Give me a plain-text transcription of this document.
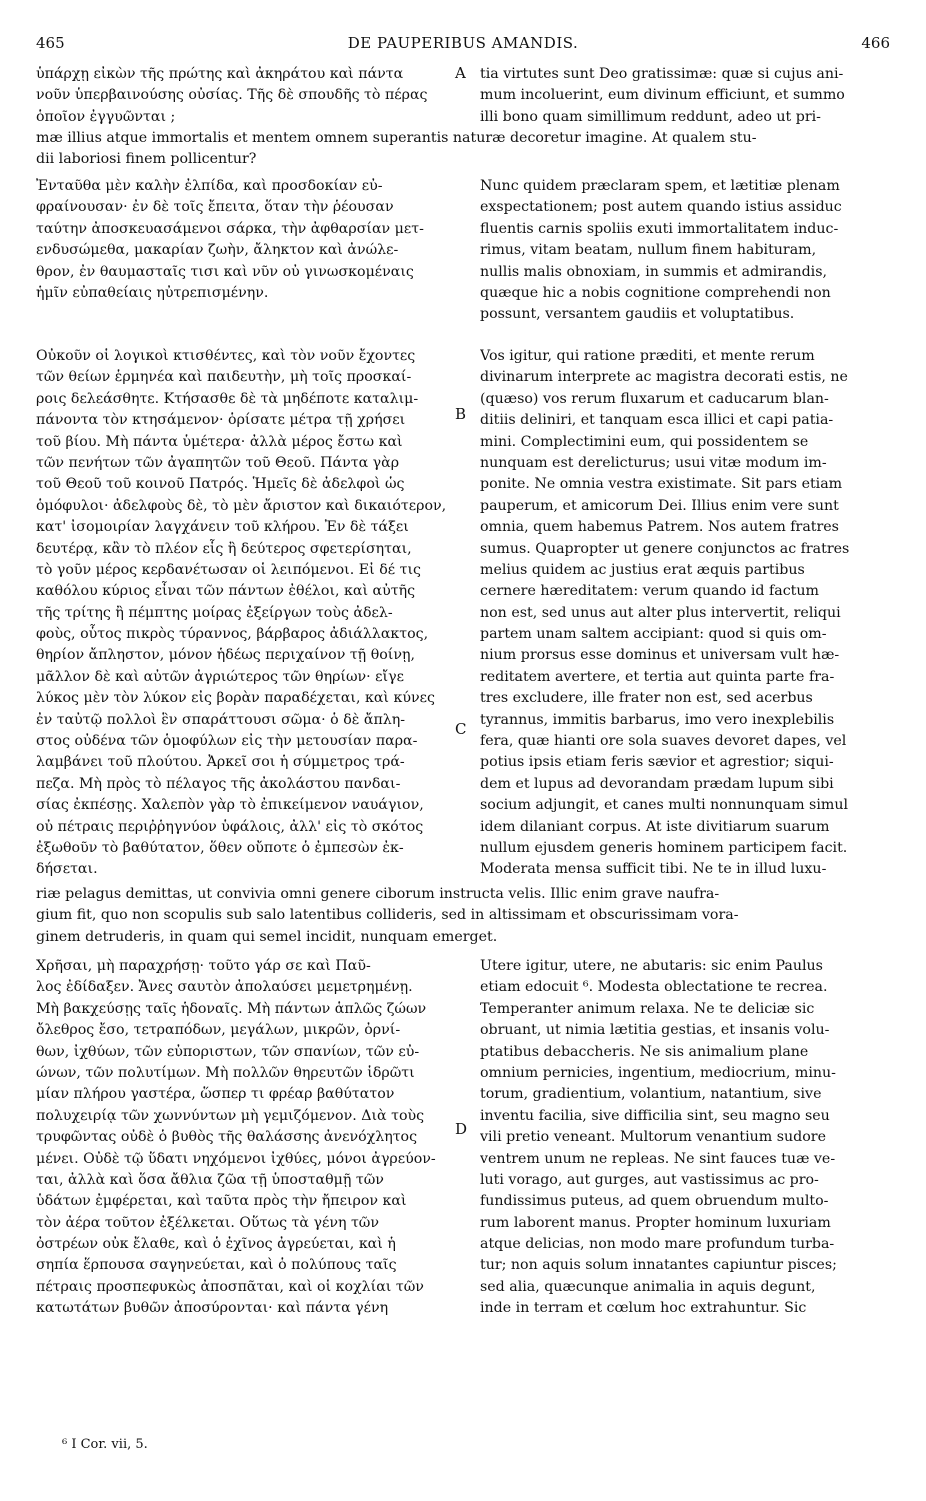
465	DE PAUPERIBUS AMANDIS.	466
A
B
C
D
ὑπάρχῃ εἰκὼν τῆς πρώτης καὶ ἀκηράτου καὶ πάντα
νοῦν ὑπερβαινούσης οὐσίας. Τῆς δὲ σπουδῆς τὸ πέρας
ὁποῖον ἐγγυῶνται ;
tia virtutes sunt Deo gratissimæ: quæ si cujus ani-
mum incoluerint, eum divinum efficiunt, et summo
illi bono quam simillimum reddunt, adeo ut pri-
mæ illius atque immortalis et mentem omnem superantis naturæ decoretur imagine. At qualem stu-
dii laboriosi finem pollicentur?
Ἐνταῦθα μὲν καλὴν ἐλπίδα, καὶ προσδοκίαν εὐ-
φραίνουσαν· ἐν δὲ τοῖς ἔπειτα, ὅταν τὴν ῥέουσαν
ταύτην ἀποσκευασάμενοι σάρκα, τὴν ἀφθαρσίαν μετ-
ενδυσώμεθα, μακαρίαν ζωὴν, ἄληκτον καὶ ἀνώλε-
θρον, ἐν θαυμασταῖς τισι καὶ νῦν οὐ γινωσκομέναις
ἡμῖν εὐπαθείαις ηὐτρεπισμένην.
Nunc quidem præclaram spem, et lætitiæ plenam
exspectationem; post autem quando istius assiduc
fluentis carnis spoliis exuti immortalitatem induc-
rimus, vitam beatam, nullum finem habituram,
nullis malis obnoxiam, in summis et admirandis,
quæque hic a nobis cognitione comprehendi non
possunt, versantem gaudiis et voluptatibus.
Οὐκοῦν οἱ λογικοὶ κτισθέντες, καὶ τὸν νοῦν ἔχοντες
τῶν θείων ἑρμηνέα καὶ παιδευτὴν, μὴ τοῖς προσκαί-
ροις δελεάσθητε. Κτήσασθε δὲ τὰ μηδέποτε καταλιμ-
πάνοντα τὸν κτησάμενον· ὁρίσατε μέτρα τῇ χρήσει
τοῦ βίου. Μὴ πάντα ὑμέτερα· ἀλλὰ μέρος ἔστω καὶ
τῶν πενήτων τῶν ἀγαπητῶν τοῦ Θεοῦ. Πάντα γὰρ
τοῦ Θεοῦ τοῦ κοινοῦ Πατρός. Ἡμεῖς δὲ ἀδελφοὶ ὡς
ὁμόφυλοι· ἀδελφοὺς δὲ, τὸ μὲν ἄριστον καὶ δικαιότερον,
κατ' ἰσομοιρίαν λαγχάνειν τοῦ κλήρου. Ἐν δὲ τάξει
δευτέρᾳ, κἂν τὸ πλέον εἷς ἢ δεύτερος σφετερίσηται,
τὸ γοῦν μέρος κερδανέτωσαν οἱ λειπόμενοι. Εἰ δέ τις
καθόλου κύριος εἶναι τῶν πάντων ἐθέλοι, καὶ αὐτῆς
τῆς τρίτης ἢ πέμπτης μοίρας ἐξείργων τοὺς ἀδελ-
φοὺς, οὗτος πικρὸς τύραννος, βάρβαρος ἀδιάλλακτος,
θηρίον ἄπληστον, μόνον ἡδέως περιχαίνον τῇ θοίνῃ,
μᾶλλον δὲ καὶ αὐτῶν ἀγριώτερος τῶν θηρίων· εἴγε
λύκος μὲν τὸν λύκον εἰς βορὰν παραδέχεται, καὶ κύνες
ἐν ταὐτῷ πολλοὶ ἓν σπαράττουσι σῶμα· ὁ δὲ ἄπλη-
στος οὐδένα τῶν ὁμοφύλων εἰς τὴν μετουσίαν παρα-
λαμβάνει τοῦ πλούτου. Ἀρκεῖ σοι ἡ σύμμετρος τρά-
πεζα. Μὴ πρὸς τὸ πέλαγος τῆς ἀκολάστου πανδαι-
σίας ἐκπέσῃς. Χαλεπὸν γὰρ τὸ ἐπικείμενον ναυάγιον,
οὐ πέτραις περιῤῥηγνύον ὑφάλοις, ἀλλ' εἰς τὸ σκότος
ἐξωθοῦν τὸ βαθύτατον, ὅθεν οὔποτε ὁ ἐμπεσὼν ἐκ-
δήσεται.
Vos igitur, qui ratione præditi, et mente rerum
divinarum interprete ac magistra decorati estis, ne
(quæso) vos rerum fluxarum et caducarum blan-
ditiis deliniri, et tanquam esca illici et capi patia-
mini. Complectimini eum, qui possidentem se
nunquam est derelicturus; usui vitæ modum im-
ponite. Ne omnia vestra existimate. Sit pars etiam
pauperum, et amicorum Dei. Illius enim vere sunt
omnia, quem habemus Patrem. Nos autem fratres
sumus. Quapropter ut genere conjunctos ac fratres
melius quidem ac justius erat æquis partibus
cernere hæreditatem: verum quando id factum
non est, sed unus aut alter plus intervertit, reliqui
partem unam saltem accipiant: quod si quis om-
nium prorsus esse dominus et universam vult hæ-
reditatem avertere, et tertia aut quinta parte fra-
tres excludere, ille frater non est, sed acerbus
tyrannus, immitis barbarus, imo vero inexplebilis
fera, quæ hianti ore sola suaves devoret dapes, vel
potius ipsis etiam feris sævior et agrestior; siqui-
dem et lupus ad devorandam prædam lupum sibi
socium adjungit, et canes multi nonnunquam simul
idem dilaniant corpus. At iste divitiarum suarum
nullum ejusdem generis hominem participem facit.
Moderata mensa sufficit tibi. Ne te in illud luxu-
riæ pelagus demittas, ut convivia omni genere ciborum instructa velis. Illic enim grave naufra-
gium fit, quo non scopulis sub salo latentibus collideris, sed in altissimam et obscurissimam vora-
ginem detruderis, in quam qui semel incidit, nunquam emerget.
Χρῆσαι, μὴ παραχρήσῃ· τοῦτο γάρ σε καὶ Παῦ-
λος ἐδίδαξεν. Ἄνες σαυτὸν ἀπολαύσει μεμετρημένῃ.
Μὴ βακχεύσῃς ταῖς ἡδοναῖς. Μὴ πάντων ἁπλῶς ζώων
ὄλεθρος ἔσο, τετραπόδων, μεγάλων, μικρῶν, ὀρνί-
θων, ἰχθύων, τῶν εὐποριστων, τῶν σπανίων, τῶν εὐ-
ώνων, τῶν πολυτίμων. Μὴ πολλῶν θηρευτῶν ἱδρῶτι
μίαν πλήρου γαστέρα, ὥσπερ τι φρέαρ βαθύτατον
πολυχειρίᾳ τῶν χωννύντων μὴ γεμιζόμενον. Διὰ τοὺς
τρυφῶντας οὐδὲ ὁ βυθὸς τῆς θαλάσσης ἀνενόχλητος
μένει. Οὐδὲ τῷ ὕδατι νηχόμενοι ἰχθύες, μόνοι ἀγρεύον-
ται, ἀλλὰ καὶ ὅσα ἄθλια ζῶα τῇ ὑποσταθμῇ τῶν
ὑδάτων ἐμφέρεται, καὶ ταῦτα πρὸς τὴν ἤπειρον καὶ
τὸν ἀέρα τοῦτον ἐξέλκεται. Οὕτως τὰ γένη τῶν
ὀστρέων οὐκ ἔλαθε, καὶ ὁ ἐχῖνος ἀγρεύεται, καὶ ἡ
σηπία ἕρπουσα σαγηνεύεται, καὶ ὁ πολύπους ταῖς
πέτραις προσπεφυκὼς ἀποσπᾶται, καὶ οἱ κοχλίαι τῶν
κατωτάτων βυθῶν ἀποσύρονται· καὶ πάντα γένη
Utere igitur, utere, ne abutaris: sic enim Paulus
etiam edocuit ⁶. Modesta oblectatione te recrea.
Temperanter animum relaxa. Ne te deliciæ sic
obruant, ut nimia lætitia gestias, et insanis volu-
ptatibus debaccheris. Ne sis animalium plane
omnium pernicies, ingentium, mediocrium, minu-
torum, gradientium, volantium, natantium, sive
inventu facilia, sive difficilia sint, seu magno seu
vili pretio veneant. Multorum venantium sudore
ventrem unum ne repleas. Ne sint fauces tuæ ve-
luti vorago, aut gurges, aut vastissimus ac pro-
fundissimus puteus, ad quem obruendum multo-
rum laborent manus. Propter hominum luxuriam
atque delicias, non modo mare profundum turba-
tur; non aquis solum innatantes capiuntur pisces;
sed alia, quæcunque animalia in aquis degunt,
inde in terram et cœlum hoc extrahuntur. Sic
⁶ I Cor. vii, 5.
